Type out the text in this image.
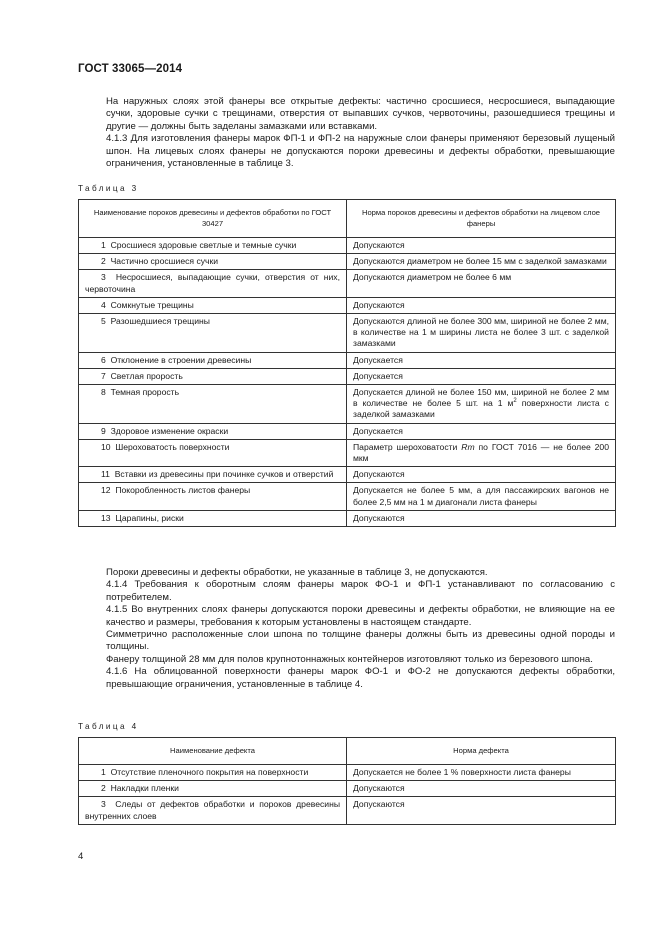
ГОСТ 33065—2014
На наружных слоях этой фанеры все открытые дефекты: частично сросшиеся, несросшиеся, выпадающие сучки, здоровые сучки с трещинами, отверстия от выпавших сучков, червоточины, разошедшиеся трещины и другие — должны быть заделаны замазками или вставками.
4.1.3 Для изготовления фанеры марок ФП-1 и ФП-2 на наружные слои фанеры применяют березовый лущеный шпон. На лицевых слоях фанеры не допускаются пороки древесины и дефекты обработки, превышающие ограничения, установленные в таблице 3.
Таблица 3
Наименование пороков древесины и дефектов обработки по ГОСТ 30427	Норма пороков древесины и дефектов обработки на лицевом слое фанеры
1 Сросшиеся здоровые светлые и темные сучки	Допускаются
2 Частично сросшиеся сучки	Допускаются диаметром не более 15 мм с заделкой замазками
3 Несросшиеся, выпадающие сучки, отверстия от них, червоточина	Допускаются диаметром не более 6 мм
4 Сомкнутые трещины	Допускаются
5 Разошедшиеся трещины	Допускаются длиной не более 300 мм, шириной не более 2 мм, в количестве на 1 м ширины листа не более 3 шт. с заделкой замазками
6 Отклонение в строении древесины	Допускается
7 Светлая прорость	Допускается
8 Темная прорость	Допускается длиной не более 150 мм, шириной не более 2 мм в количестве не более 5 шт. на 1 $м^2$ поверхности листа с заделкой замазками
9 Здоровое изменение окраски	Допускается
10 Шероховатость поверхности	Параметр шероховатости Rm по ГОСТ 7016 — не более 200 мкм
11 Вставки из древесины при починке сучков и отверстий	Допускаются
12 Покоробленность листов фанеры	Допускается не более 5 мм, а для пассажирских вагонов не более 2,5 мм на 1 м диагонали листа фанеры
13 Царапины, риски	Допускаются
Пороки древесины и дефекты обработки, не указанные в таблице 3, не допускаются.
4.1.4 Требования к оборотным слоям фанеры марок ФО-1 и ФП-1 устанавливают по согласованию с потребителем.
4.1.5 Во внутренних слоях фанеры допускаются пороки древесины и дефекты обработки, не влияющие на ее качество и размеры, требования к которым установлены в настоящем стандарте.
Симметрично расположенные слои шпона по толщине фанеры должны быть из древесины одной породы и толщины.
Фанеру толщиной 28 мм для полов крупнотоннажных контейнеров изготовляют только из березового шпона.
4.1.6 На облицованной поверхности фанеры марок ФО-1 и ФО-2 не допускаются дефекты обработки, превышающие ограничения, установленные в таблице 4.
Таблица 4
Наименование дефекта	Норма дефекта
1 Отсутствие пленочного покрытия на поверхности	Допускается не более 1 % поверхности листа фанеры
2 Накладки пленки	Допускаются
3 Следы от дефектов обработки и пороков древесины внутренних слоев	Допускаются
4
